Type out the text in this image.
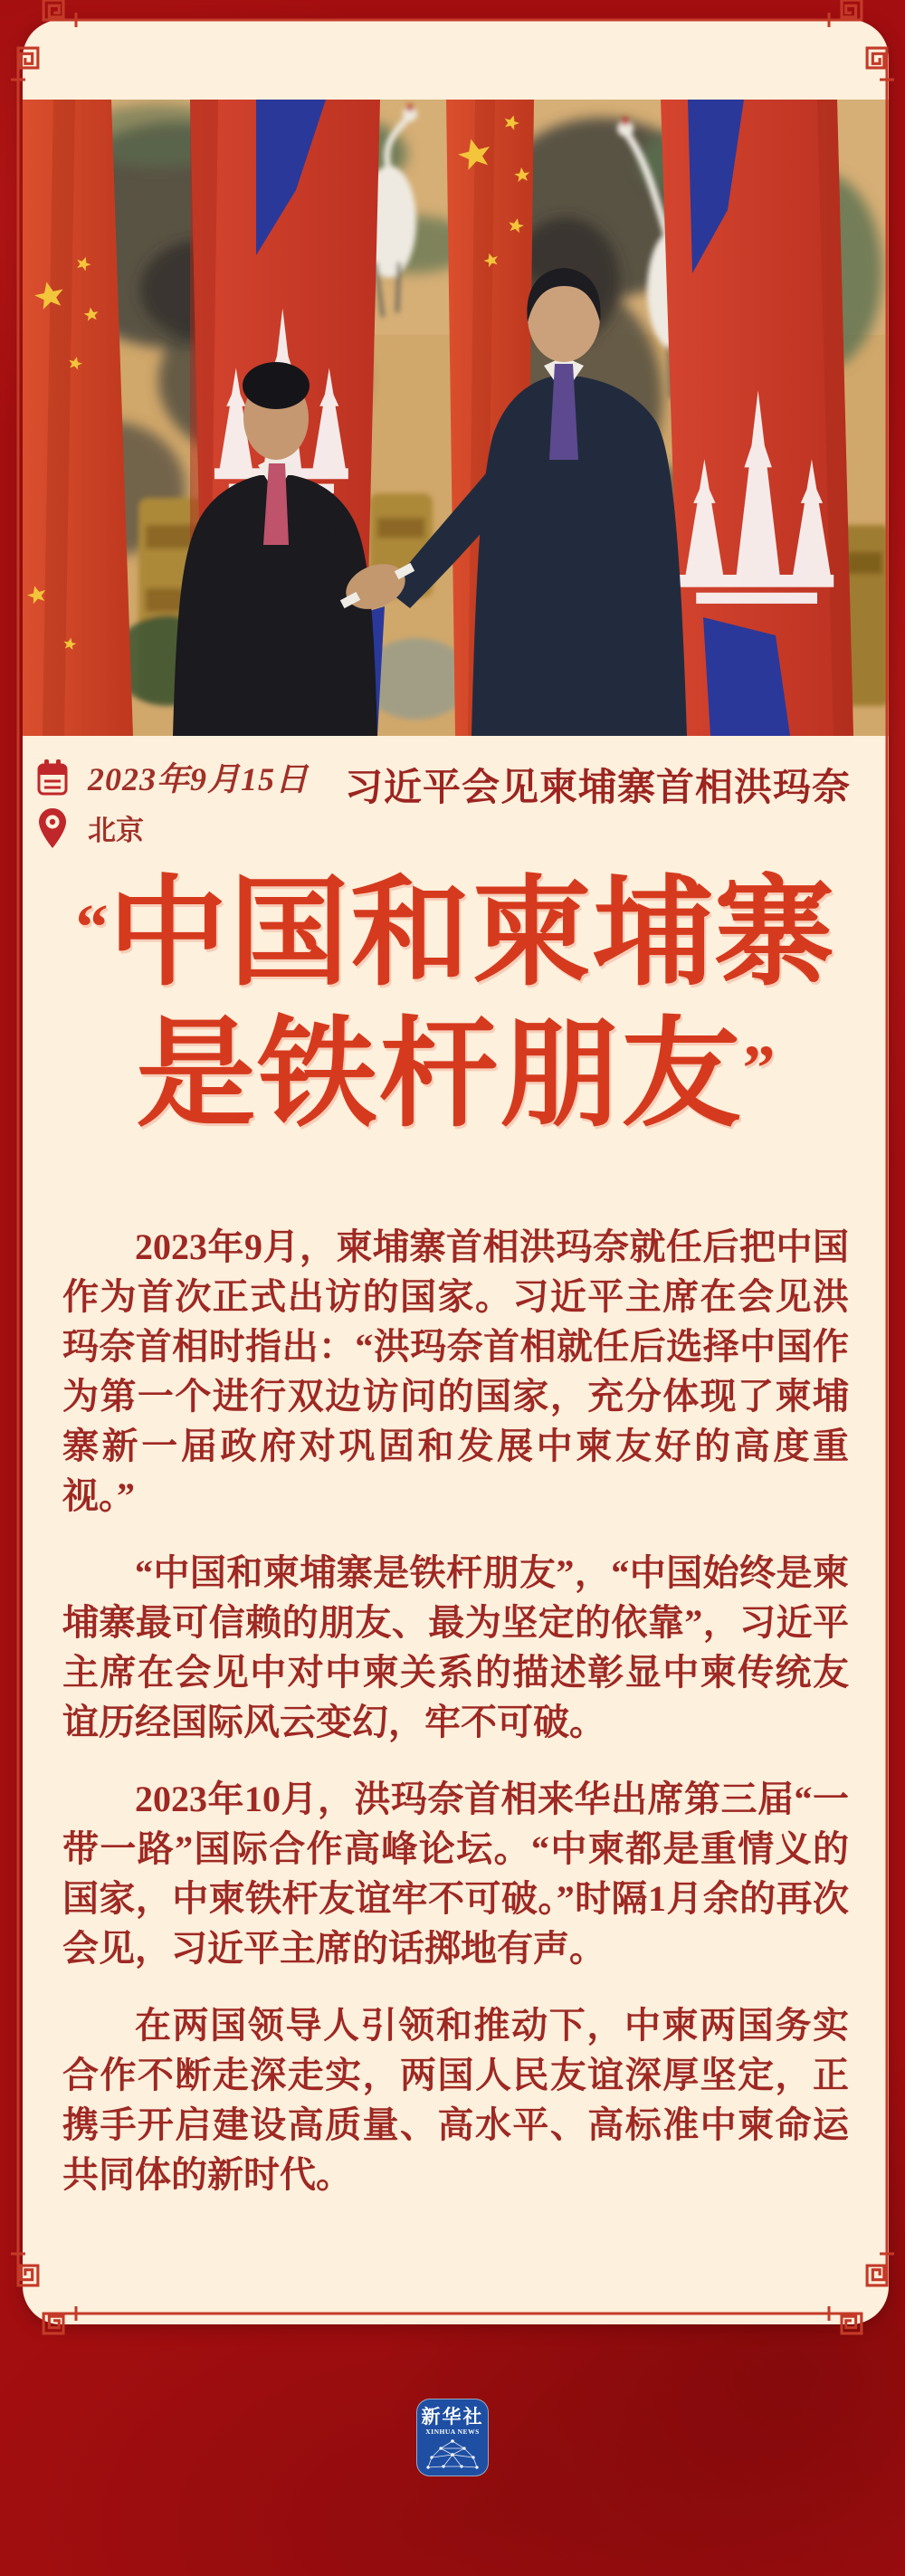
2023年9月15日
北京
习近平会见柬埔寨首相洪玛奈
“中国和柬埔寨
是铁杆朋友”

2023年9月，柬埔寨首相洪玛奈就任后把中国作为首次正式出访的国家。习近平主席在会见洪玛奈首相时指出：“洪玛奈首相就任后选择中国作为第一个进行双边访问的国家，充分体现了柬埔寨新一届政府对巩固和发展中柬友好的高度重视。”

“中国和柬埔寨是铁杆朋友”，“中国始终是柬埔寨最可信赖的朋友、最为坚定的依靠”，习近平主席在会见中对中柬关系的描述彰显中柬传统友谊历经国际风云变幻，牢不可破。

2023年10月，洪玛奈首相来华出席第三届“一带一路”国际合作高峰论坛。“中柬都是重情义的国家，中柬铁杆友谊牢不可破。”时隔1月余的再次会见，习近平主席的话掷地有声。

在两国领导人引领和推动下，中柬两国务实合作不断走深走实，两国人民友谊深厚坚定，正携手开启建设高质量、高水平、高标准中柬命运共同体的新时代。

新华社
XINHUA NEWS
